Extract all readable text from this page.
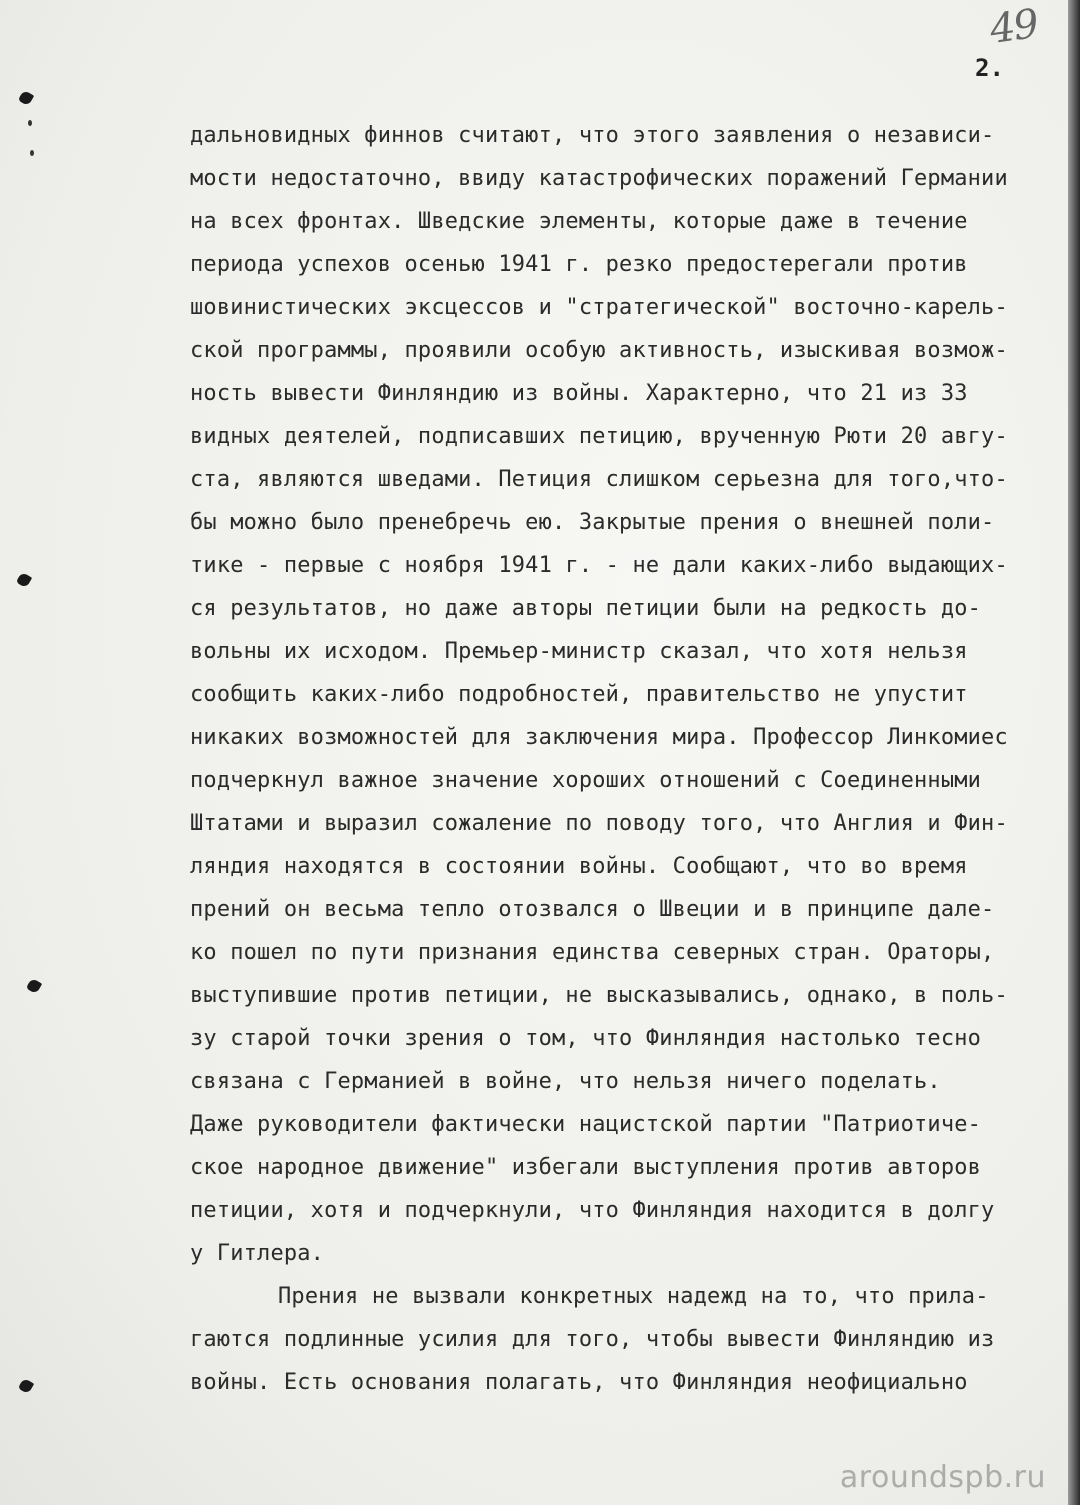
49
2.
дальновидных финнов считают, что этого заявления о независи-
мости недостаточно, ввиду катастрофических поражений Германии
на всех фронтах. Шведские элементы, которые даже в течение
периода успехов осенью 1941 г. резко предостерегали против
шовинистических эксцессов и "стратегической" восточно-карель-
ской программы, проявили особую активность, изыскивая возмож-
ность вывести Финляндию из войны. Характерно, что 21 из 33
видных деятелей, подписавших петицию, врученную Рюти 20 авгу-
ста, являются шведами. Петиция слишком серьезна для того,что-
бы можно было пренебречь ею. Закрытые прения о внешней поли-
тике - первые с ноября 1941 г. - не дали каких-либо выдающих-
ся результатов, но даже авторы петиции были на редкость до-
вольны их исходом. Премьер-министр сказал, что хотя нельзя
сообщить каких-либо подробностей, правительство не упустит
никаких возможностей для заключения мира. Профессор Линкомиес
подчеркнул важное значение хороших отношений с Соединенными
Штатами и выразил сожаление по поводу того, что Англия и Фин-
ляндия находятся в состоянии войны. Сообщают, что во время
прений он весьма тепло отозвался о Швеции и в принципе дале-
ко пошел по пути признания единства северных стран. Ораторы,
выступившие против петиции, не высказывались, однако, в поль-
зу старой точки зрения о том, что Финляндия настолько тесно
связана с Германией в войне, что нельзя ничего поделать.
Даже руководители фактически нацистской партии "Патриотиче-
ское народное движение" избегали выступления против авторов
петиции, хотя и подчеркнули, что Финляндия находится в долгу
у Гитлера.
Прения не вызвали конкретных надежд на то, что прила-
гаются подлинные усилия для того, чтобы вывести Финляндию из
войны. Есть основания полагать, что Финляндия неофициально
aroundspb.ru
